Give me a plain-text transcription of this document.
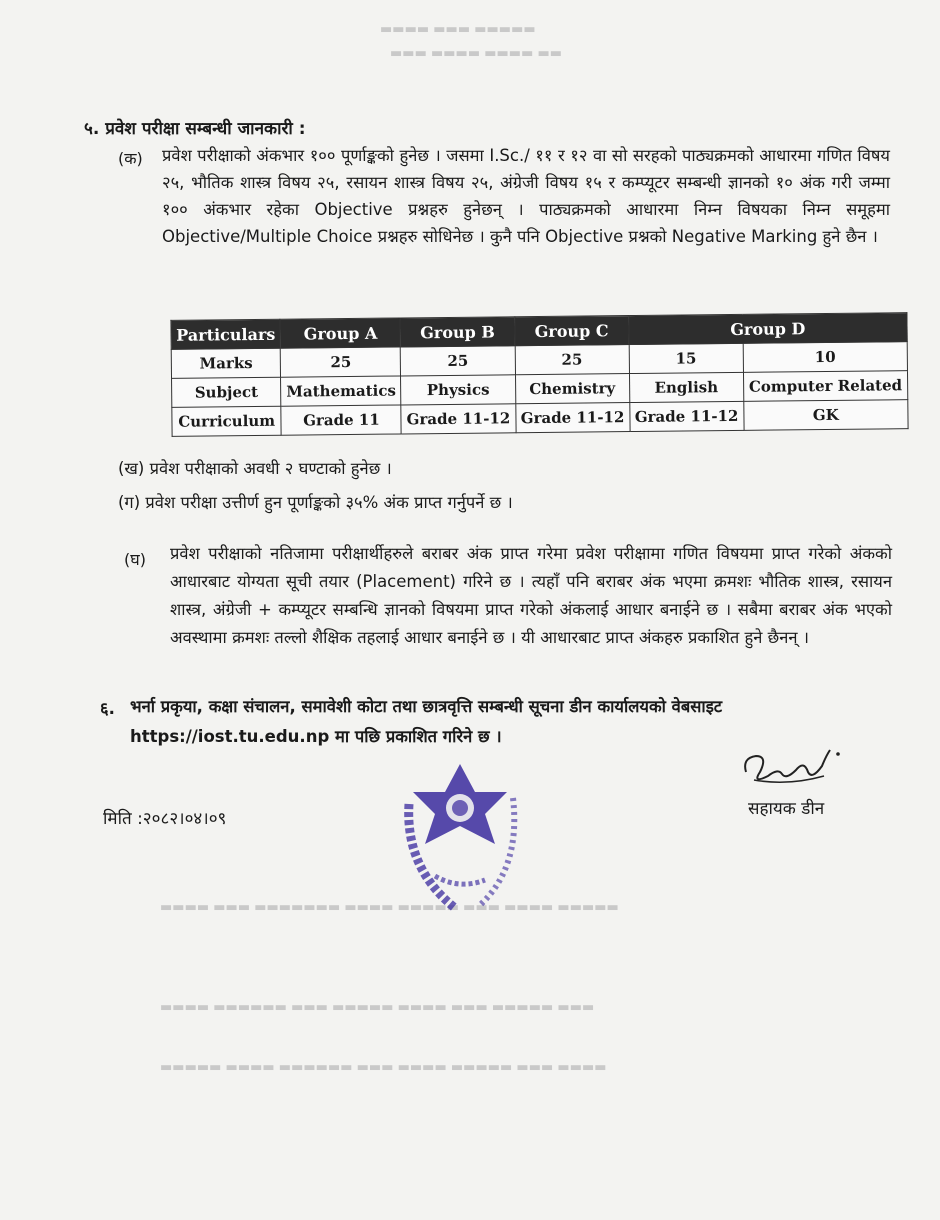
▬▬▬▬ ▬▬▬ ▬▬▬▬▬
▬▬▬ ▬▬▬▬ ▬▬▬▬ ▬▬
▬▬▬▬▬ ▬▬▬▬ ▬▬▬▬▬▬ ▬▬▬ ▬▬▬▬ ▬▬▬▬▬ ▬▬▬ ▬▬▬▬
▬▬▬▬ ▬▬▬▬▬▬ ▬▬▬ ▬▬▬▬▬ ▬▬▬▬ ▬▬▬ ▬▬▬▬▬ ▬▬▬
▬▬▬▬ ▬▬▬ ▬▬▬▬▬▬▬ ▬▬▬▬ ▬▬▬▬▬ ▬▬▬ ▬▬▬▬ ▬▬▬▬▬
५. प्रवेश परीक्षा सम्बन्धी जानकारी :
(क) प्रवेश परीक्षाको अंकभार १०० पूर्णाङ्कको हुनेछ । जसमा I.Sc./ ११ र १२ वा सो सरहको पाठ्यक्रमको आधारमा गणित विषय २५, भौतिक शास्त्र विषय २५, रसायन शास्त्र विषय २५, अंग्रेजी विषय १५ र कम्प्यूटर सम्बन्धी ज्ञानको १० अंक गरी जम्मा १०० अंकभार रहेका Objective प्रश्नहरु हुनेछन् । पाठ्यक्रमको आधारमा निम्न विषयका निम्न समूहमा Objective/Multiple Choice प्रश्नहरु सोधिनेछ । कुनै पनि Objective प्रश्नको Negative Marking हुने छैन ।
Particulars	Group A	Group B	Group C	Group D	
Marks	25	25	25	15	10
Subject	Mathematics	Physics	Chemistry	English	Computer Related
Curriculum	Grade 11	Grade 11-12	Grade 11-12	Grade 11-12	GK
(ख) प्रवेश परीक्षाको अवधी २ घण्टाको हुनेछ ।
(ग) प्रवेश परीक्षा उत्तीर्ण हुन पूर्णाङ्कको ३५% अंक प्राप्त गर्नुपर्ने छ ।
(घ) प्रवेश परीक्षाको नतिजामा परीक्षार्थीहरुले बराबर अंक प्राप्त गरेमा प्रवेश परीक्षामा गणित विषयमा प्राप्त गरेको अंकको आधारबाट योग्यता सूची तयार (Placement) गरिने छ । त्यहाँ पनि बराबर अंक भएमा क्रमशः भौतिक शास्त्र, रसायन शास्त्र, अंग्रेजी + कम्प्यूटर सम्बन्धि ज्ञानको विषयमा प्राप्त गरेको अंकलाई आधार बनाईने छ । सबैमा बराबर अंक भएको अवस्थामा क्रमशः तल्लो शैक्षिक तहलाई आधार बनाईने छ । यी आधारबाट प्राप्त अंकहरु प्रकाशित हुने छैनन् ।
६. भर्ना प्रकृया, कक्षा संचालन, समावेशी कोटा तथा छात्रवृत्ति सम्बन्धी सूचना डीन कार्यालयको वेबसाइट
https://iost.tu.edu.np मा पछि प्रकाशित गरिने छ ।
मिति :२०८२।०४।०९	सहायक डीन
